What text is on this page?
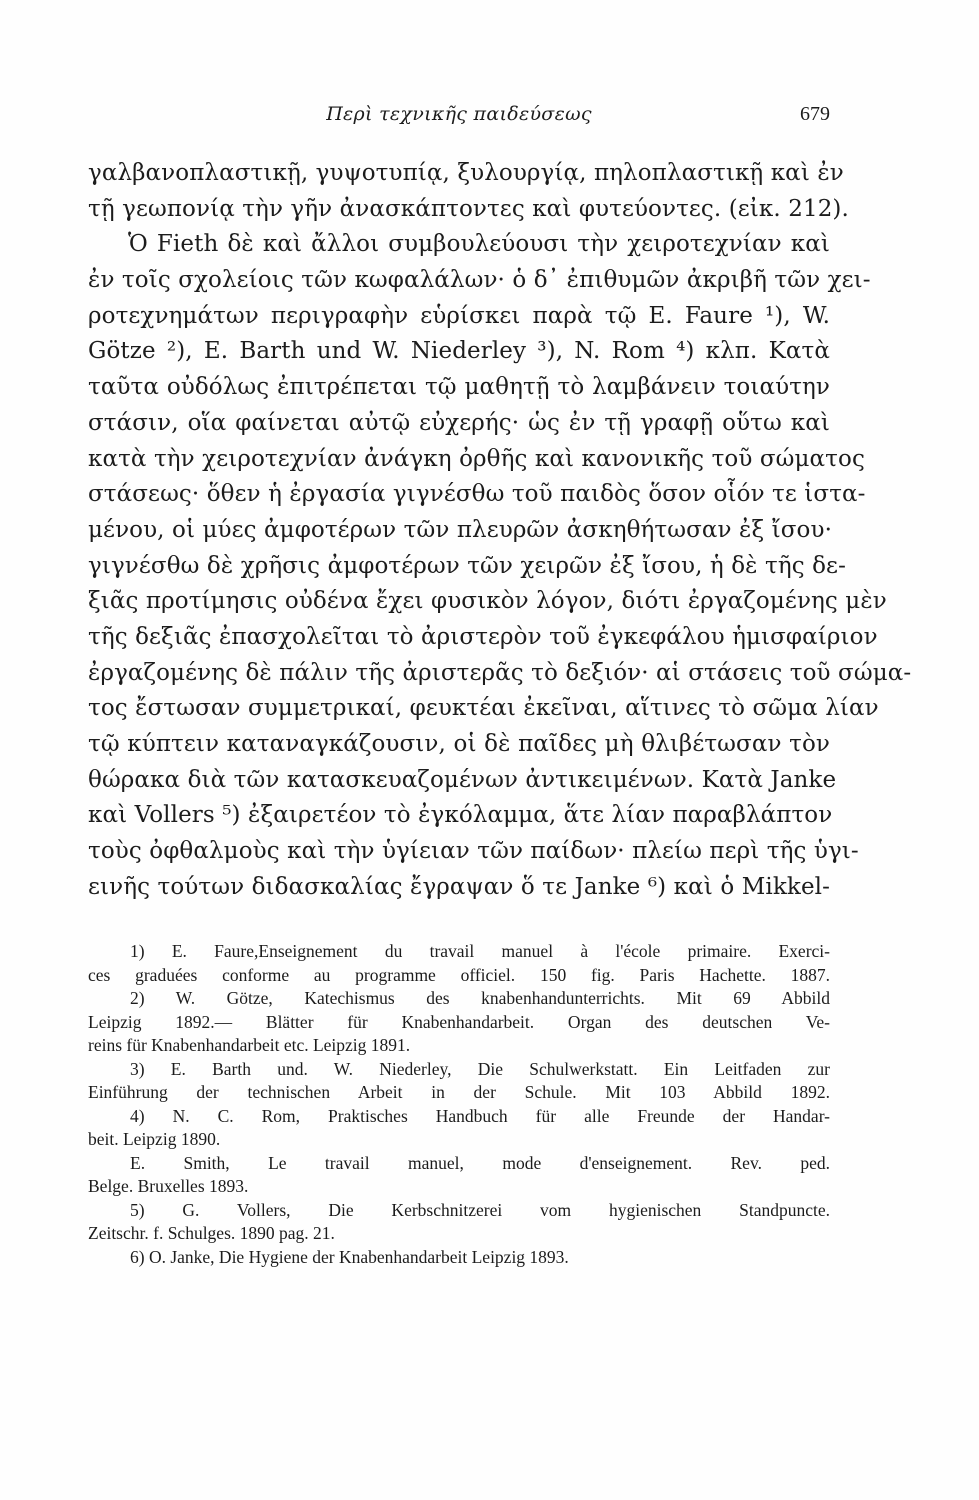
Περὶ τεχνικῆς παιδεύσεως	679
γαλβανοπλαστικῇ, γυψοτυπίᾳ, ξυλουργίᾳ, πηλοπλαστικῇ καὶ ἐν
τῇ γεωπονίᾳ τὴν γῆν ἀνασκάπτοντες καὶ φυτεύοντες. (εἰκ. 212).
Ὁ Fieth δὲ καὶ ἄλλοι συμβουλεύουσι τὴν χειροτεχνίαν καὶ
ἐν τοῖς σχολείοις τῶν κωφαλάλων· ὁ δ᾽ ἐπιθυμῶν ἀκριβῆ τῶν χει-
ροτεχνημάτων περιγραφὴν εὑρίσκει παρὰ τῷ E. Faure ¹), W.
Götze ²), E. Barth und W. Niederley ³), N. Rom ⁴) κλπ. Κατὰ
ταῦτα οὐδόλως ἐπιτρέπεται τῷ μαθητῇ τὸ λαμβάνειν τοιαύτην
στάσιν, οἵα φαίνεται αὐτῷ εὐχερής· ὡς ἐν τῇ γραφῇ οὕτω καὶ
κατὰ τὴν χειροτεχνίαν ἀνάγκη ὀρθῆς καὶ κανονικῆς τοῦ σώματος
στάσεως· ὅθεν ἡ ἐργασία γιγνέσθω τοῦ παιδὸς ὅσον οἷόν τε ἱστα-
μένου, οἱ μύες ἀμφοτέρων τῶν πλευρῶν ἀσκηθήτωσαν ἐξ ἴσου·
γιγνέσθω δὲ χρῆσις ἀμφοτέρων τῶν χειρῶν ἐξ ἴσου, ἡ δὲ τῆς δε-
ξιᾶς προτίμησις οὐδένα ἔχει φυσικὸν λόγον, διότι ἐργαζομένης μὲν
τῆς δεξιᾶς ἐπασχολεῖται τὸ ἀριστερὸν τοῦ ἐγκεφάλου ἡμισφαίριον
ἐργαζομένης δὲ πάλιν τῆς ἀριστερᾶς τὸ δεξιόν· αἱ στάσεις τοῦ σώμα-
τος ἔστωσαν συμμετρικαί, φευκτέαι ἐκεῖναι, αἵτινες τὸ σῶμα λίαν
τῷ κύπτειν καταναγκάζουσιν, οἱ δὲ παῖδες μὴ θλιβέτωσαν τὸν
θώρακα διὰ τῶν κατασκευαζομένων ἀντικειμένων. Κατὰ Janke
καὶ Vollers ⁵) ἐξαιρετέον τὸ ἐγκόλαμμα, ἅτε λίαν παραβλάπτον
τοὺς ὀφθαλμοὺς καὶ τὴν ὑγίειαν τῶν παίδων· πλείω περὶ τῆς ὑγι-
εινῆς τούτων διδασκαλίας ἔγραψαν ὅ τε Janke ⁶) καὶ ὁ Mikkel-
1) E. Faure,Enseignement du travail manuel à l'école primaire. Exerci-
ces graduées conforme au programme officiel. 150 fig. Paris Hachette. 1887.
2) W. Götze, Katechismus des knabenhandunterrichts. Mit 69 Abbild
Leipzig 1892.— Blätter für Knabenhandarbeit. Organ des deutschen Ve-
reins für Knabenhandarbeit etc. Leipzig 1891.
3) E. Barth und. W. Niederley, Die Schulwerkstatt. Ein Leitfaden zur
Einführung der technischen Arbeit in der Schule. Mit 103 Abbild 1892.
4) N. C. Rom, Praktisches Handbuch für alle Freunde der Handar-
beit. Leipzig 1890.
E. Smith, Le travail manuel, mode d'enseignement. Rev. ped.
Belge. Bruxelles 1893.
5) G. Vollers, Die Kerbschnitzerei vom hygienischen Standpuncte.
Zeitschr. f. Schulges. 1890 pag. 21.
6) O. Janke, Die Hygiene der Knabenhandarbeit Leipzig 1893.
